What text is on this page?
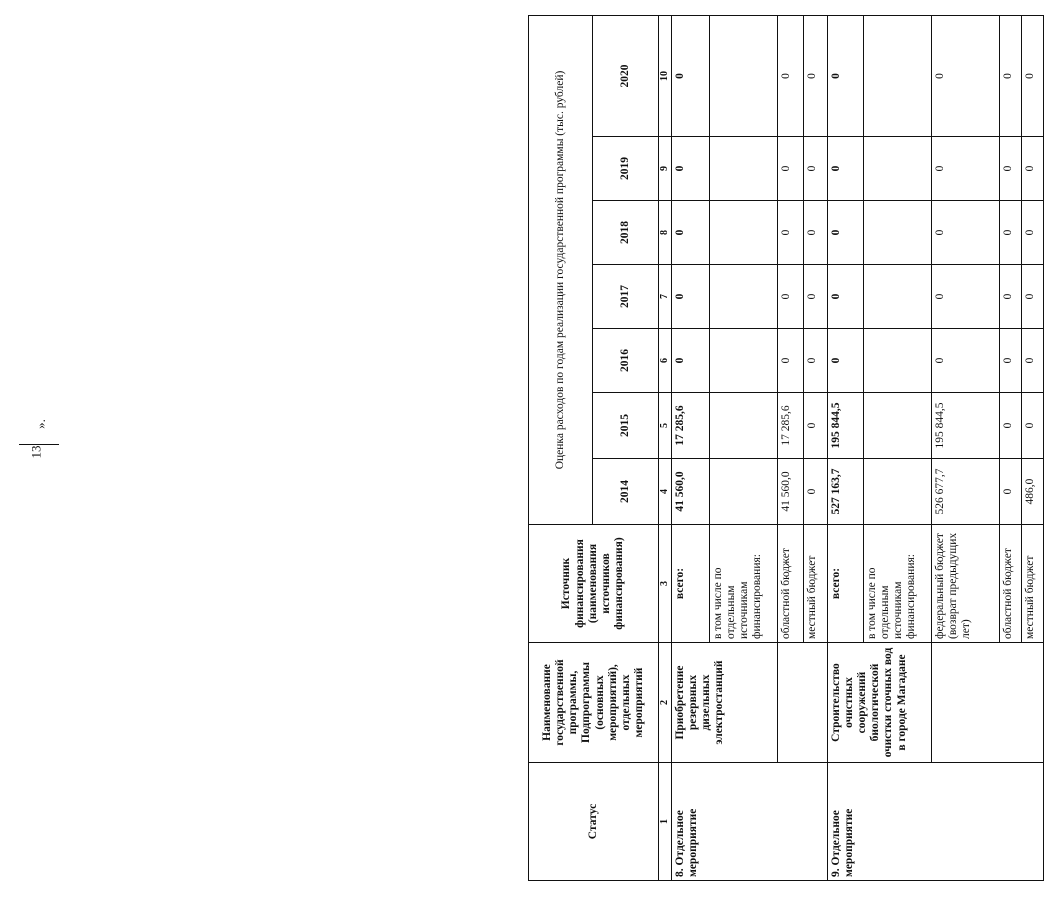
13
».
Статус	Наименование государственной программы, Подпрограммы (основных мероприятий), отдельных мероприятий	Источник финансирования (наименования источников финансирования)	Оценка расходов по годам реализации государственной программы (тыс. рублей)						
			2014	2015	2016	2017	2018	2019	2020
1	2	3	4	5	6	7	8	9	10
8. Отдельное мероприятие	Приобретение резервных дизельных электростанций	всего:	41 560,0	17 285,6	0	0	0	0	0
		в том числе по отдельным источникам финансирования:							
		областной бюджет	41 560,0	17 285,6	0	0	0	0	0
		местный бюджет	0	0	0	0	0	0	0
9. Отдельное мероприятие	Строительство очистных сооружений биологической очистки сточных вод в городе Магадане	всего:	527 163,7	195 844,5	0	0	0	0	0
		в том числе по отдельным источникам финансирования:							
		федеральный бюджет (возврат предыдущих лет)	526 677,7	195 844,5	0	0	0	0	0
		областной бюджет	0	0	0	0	0	0	0
		местный бюджет	486,0	0	0	0	0	0	0
